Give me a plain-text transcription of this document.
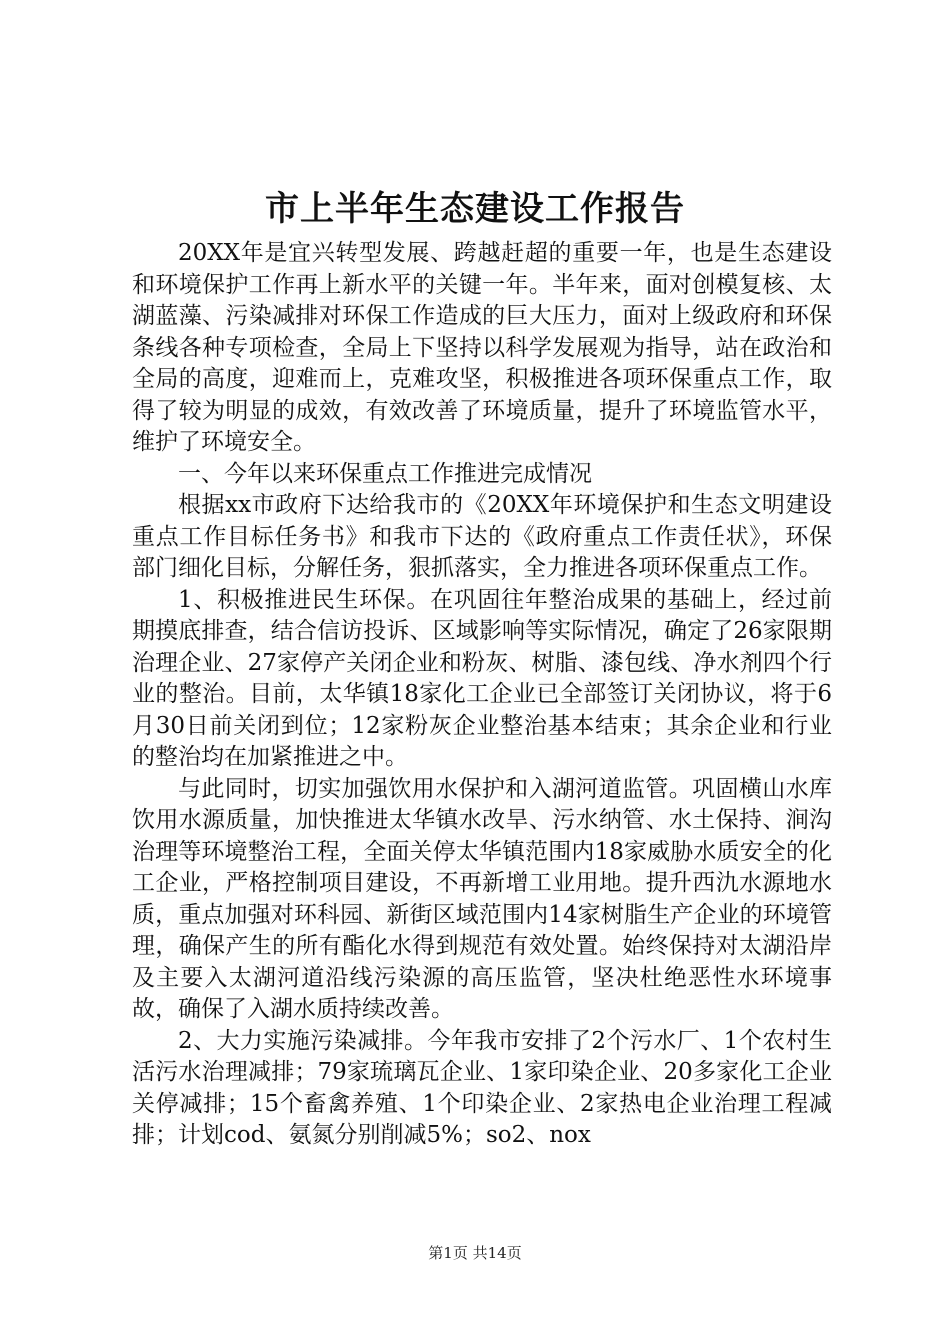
市上半年生态建设工作报告

20XX年是宜兴转型发展、跨越赶超的重要一年，也是生态建设和环境保护工作再上新水平的关键一年。半年来，面对创模复核、太湖蓝藻、污染减排对环保工作造成的巨大压力，面对上级政府和环保条线各种专项检查，全局上下坚持以科学发展观为指导，站在政治和全局的高度，迎难而上，克难攻坚，积极推进各项环保重点工作，取得了较为明显的成效，有效改善了环境质量，提升了环境监管水平，维护了环境安全。

一、今年以来环保重点工作推进完成情况

根据xx市政府下达给我市的《20XX年环境保护和生态文明建设重点工作目标任务书》和我市下达的《政府重点工作责任状》，环保部门细化目标，分解任务，狠抓落实，全力推进各项环保重点工作。

1、积极推进民生环保。在巩固往年整治成果的基础上，经过前期摸底排查，结合信访投诉、区域影响等实际情况，确定了26家限期治理企业、27家停产关闭企业和粉灰、树脂、漆包线、净水剂四个行业的整治。目前，太华镇18家化工企业已全部签订关闭协议，将于6月30日前关闭到位；12家粉灰企业整治基本结束；其余企业和行业的整治均在加紧推进之中。

与此同时，切实加强饮用水保护和入湖河道监管。巩固横山水库饮用水源质量，加快推进太华镇水改旱、污水纳管、水土保持、涧沟治理等环境整治工程，全面关停太华镇范围内18家威胁水质安全的化工企业，严格控制项目建设，不再新增工业用地。提升西氿水源地水质，重点加强对环科园、新街区域范围内14家树脂生产企业的环境管理，确保产生的所有酯化水得到规范有效处置。始终保持对太湖沿岸及主要入太湖河道沿线污染源的高压监管，坚决杜绝恶性水环境事故，确保了入湖水质持续改善。

2、大力实施污染减排。今年我市安排了2个污水厂、1个农村生活污水治理减排；79家琉璃瓦企业、1家印染企业、20多家化工企业关停减排；15个畜禽养殖、1个印染企业、2家热电企业治理工程减排；计划cod、氨氮分别削减5%；so2、nox

第1页 共14页
